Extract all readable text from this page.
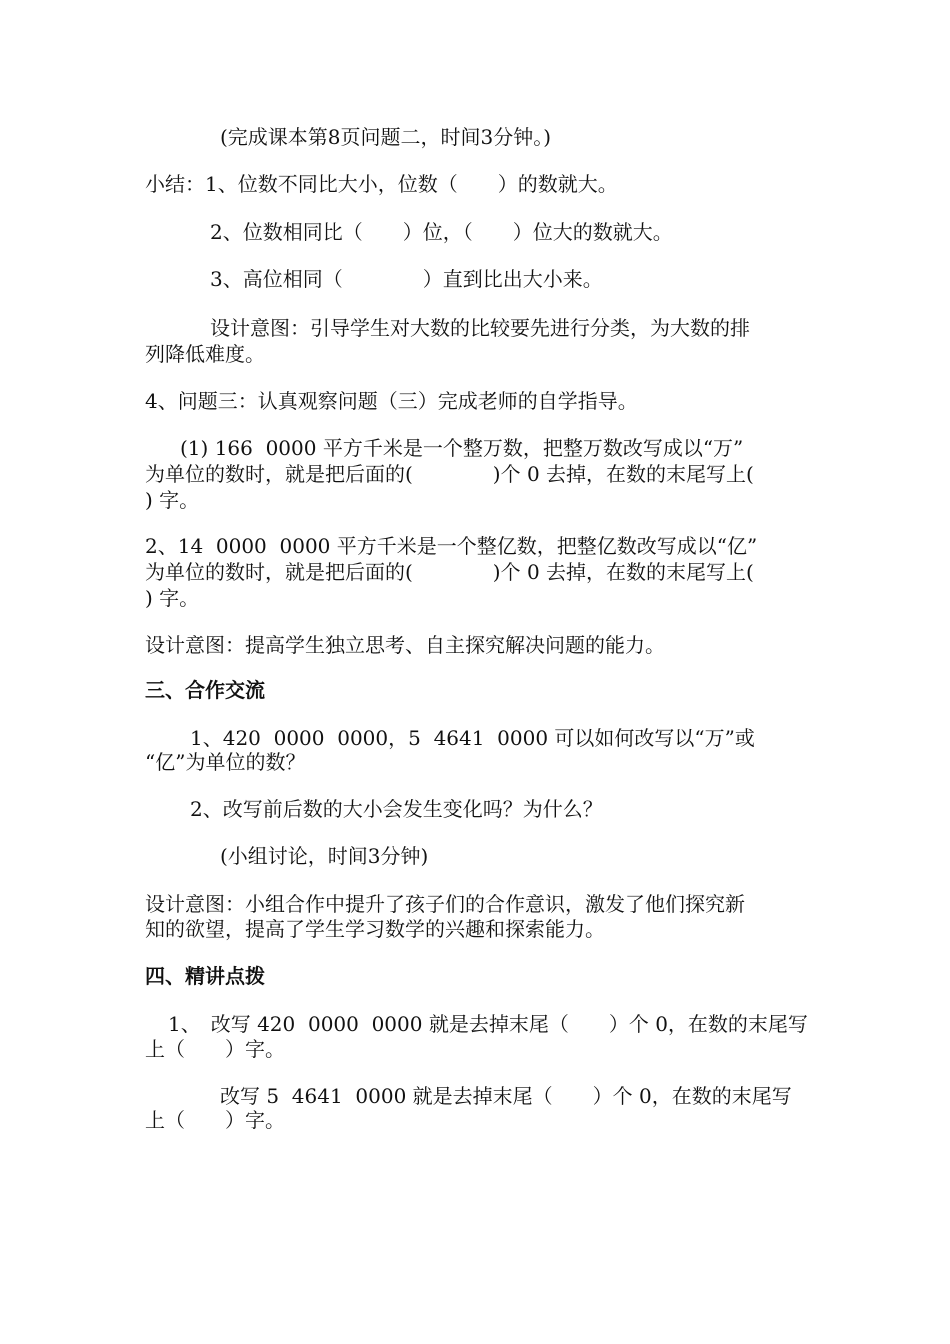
(完成课本第8页问题二，时间3分钟。)

小结：1、位数不同比大小，位数（　　）的数就大。

2、位数相同比（　　）位，（　　）位大的数就大。

3、高位相同（　　　　）直到比出大小来。

设计意图：引导学生对大数的比较要先进行分类，为大数的排

列降低难度。

4、问题三：认真观察问题（三）完成老师的自学指导。

(1) 166  0000 平方千米是一个整万数，把整万数改写成以“万”

为单位的数时，就是把后面的(　　　　)个 0 去掉，在数的末尾写上(

) 字。

2、14  0000  0000 平方千米是一个整亿数，把整亿数改写成以“亿”

为单位的数时，就是把后面的(　　　　)个 0 去掉，在数的末尾写上(

) 字。

设计意图：提高学生独立思考、自主探究解决问题的能力。

三、合作交流

1、420  0000  0000，5  4641  0000 可以如何改写以“万”或

“亿”为单位的数？

2、改写前后数的大小会发生变化吗？为什么？

(小组讨论，时间3分钟)

设计意图：小组合作中提升了孩子们的合作意识，激发了他们探究新

知的欲望，提高了学生学习数学的兴趣和探索能力。

四、精讲点拨

1、　改写 420  0000  0000 就是去掉末尾（　　）个 0，在数的末尾写

上（　　）字。

改写 5  4641  0000 就是去掉末尾（　　）个 0，在数的末尾写

上（　　）字。
